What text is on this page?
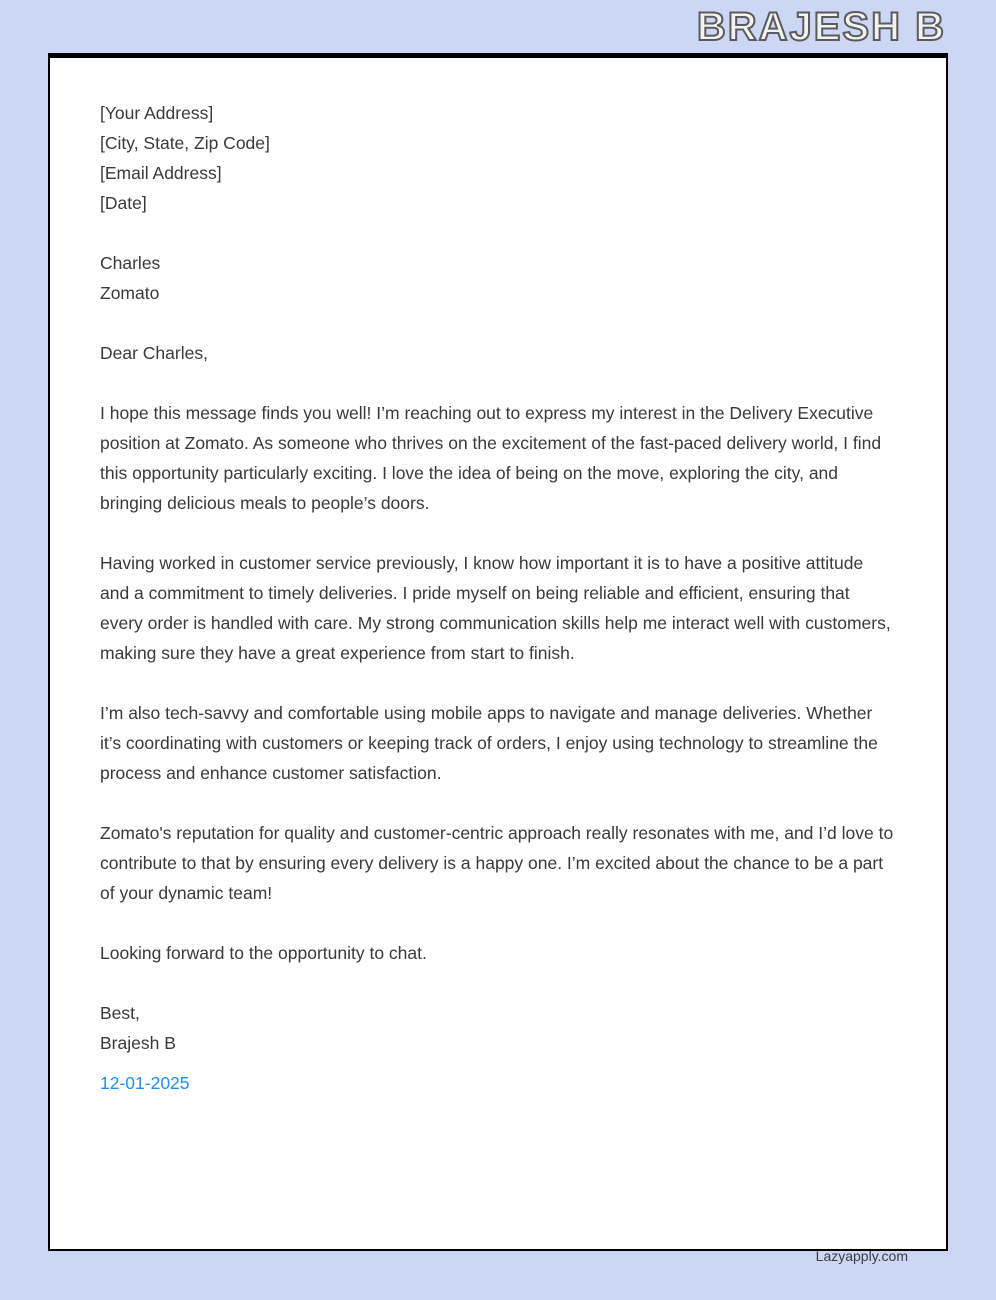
BRAJESH B
[Your Address]
[City, State, Zip Code]
[Email Address]
[Date]
Charles
Zomato
Dear Charles,
I hope this message finds you well! I’m reaching out to express my interest in the Delivery Executive position at Zomato. As someone who thrives on the excitement of the fast-paced delivery world, I find this opportunity particularly exciting. I love the idea of being on the move, exploring the city, and bringing delicious meals to people’s doors.
Having worked in customer service previously, I know how important it is to have a positive attitude and a commitment to timely deliveries. I pride myself on being reliable and efficient, ensuring that every order is handled with care. My strong communication skills help me interact well with customers, making sure they have a great experience from start to finish.
I’m also tech-savvy and comfortable using mobile apps to navigate and manage deliveries. Whether it’s coordinating with customers or keeping track of orders, I enjoy using technology to streamline the process and enhance customer satisfaction.
Zomato's reputation for quality and customer-centric approach really resonates with me, and I’d love to contribute to that by ensuring every delivery is a happy one. I’m excited about the chance to be a part of your dynamic team!
Looking forward to the opportunity to chat.
Best,
Brajesh B
12-01-2025
Lazyapply.com
